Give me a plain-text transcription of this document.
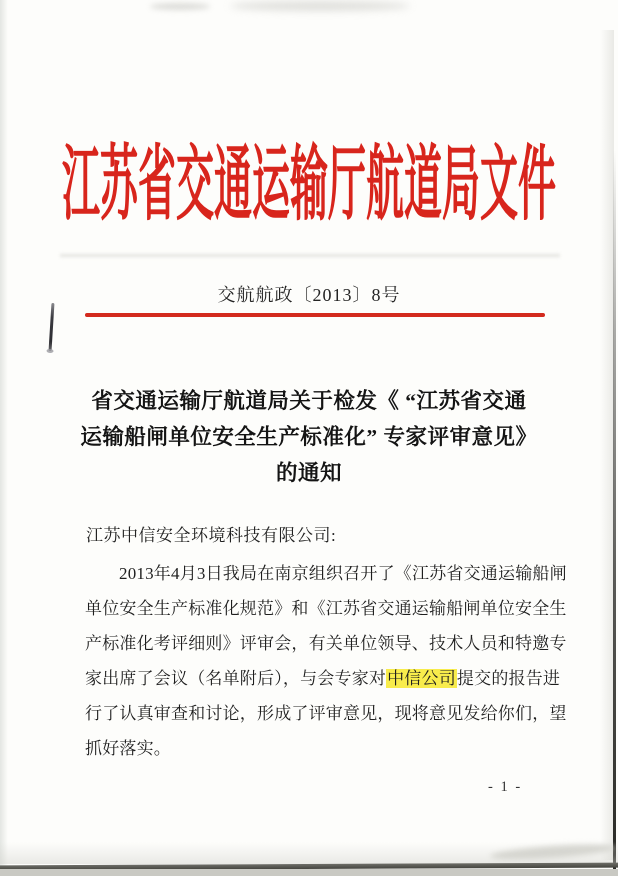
江苏省交通运输厅航道局文件
交航航政〔2013〕8号
省交通运输厅航道局关于检发《 “江苏省交通
运输船闸单位安全生产标准化” 专家评审意见》
的通知
江苏中信安全环境科技有限公司:
2013年4月3日我局在南京组织召开了《江苏省交通运输船闸
单位安全生产标准化规范》和《江苏省交通运输船闸单位安全生
产标准化考评细则》评审会，有关单位领导、技术人员和特邀专
家出席了会议（名单附后），与会专家对中信公司提交的报告进
行了认真审查和讨论，形成了评审意见，现将意见发给你们，望
抓好落实。
- 1 -
